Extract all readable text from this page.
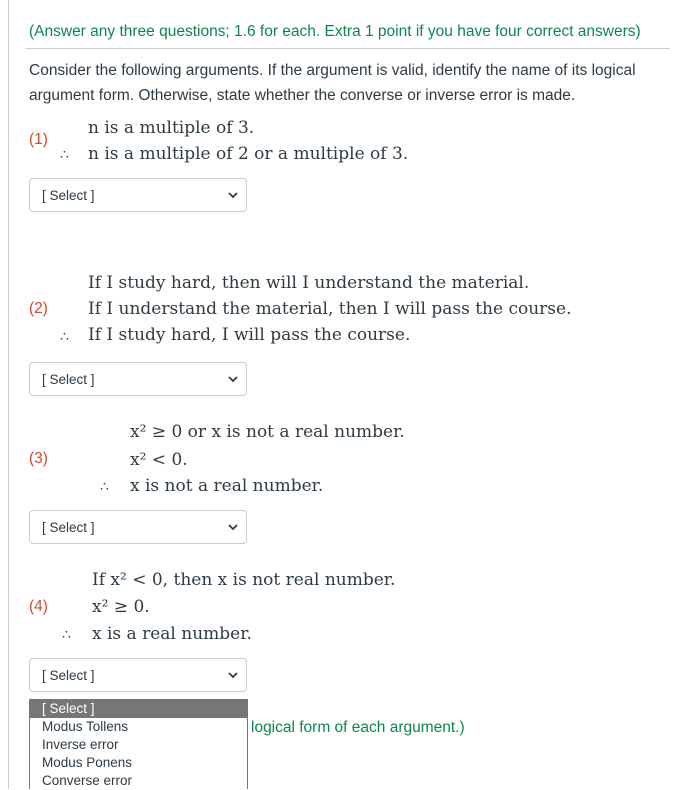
(Answer any three questions; 1.6 for each. Extra 1 point if you have four correct answers)
Consider the following arguments. If the argument is valid, identify the name of its logical argument form. Otherwise, state whether the converse or inverse error is made.
(1)
n is a multiple of 3.
∴ n is a multiple of 2 or a multiple of 3.
[ Select ]
(2)
If I study hard, then will I understand the material.
If I understand the material, then I will pass the course.
∴ If I study hard, I will pass the course.
[ Select ]
(3)
x² ≥ 0 or x is not a real number.
x² < 0.
∴ x is not a real number.
[ Select ]
(4)
If x² < 0, then x is not real number.
x² ≥ 0.
∴ x is a real number.
[ Select ]
[ Select ]
Modus Tollens
Inverse error
Modus Ponens
Converse error
logical form of each argument.)
